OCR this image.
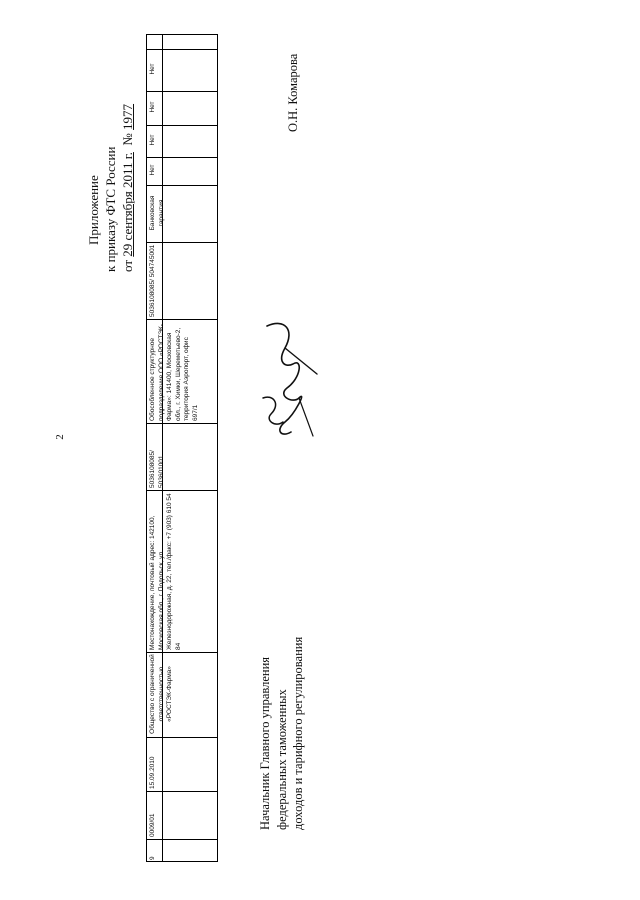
2
Приложение к приказу ФТС России от 29 сентября 2011 г.  № 1977
9
0009/01
15.09.2010
Общество с ограниченной ответственностью «РОСТЭК-Фарма»
Местонахождение, почтовый адрес: 142100, Московская обл., г. Подольск, ул. Железнодорожная, д. 22, тел./факс: +7 (903) 610 54 84
5036108085/ 503601001
Обособленное структурное подразделение ООО «РОСТЭК-Фарма»: 141400, Московская обл., г. Химки, Шереметьево-2, территория Аэропорт, офис 697/1
5036108085/ 504745001
Банковская гарантия
Нет
Нет
Нет
Нет
Начальник Главного управления федеральных таможенных доходов и тарифного регулирования
О.Н. Комарова
